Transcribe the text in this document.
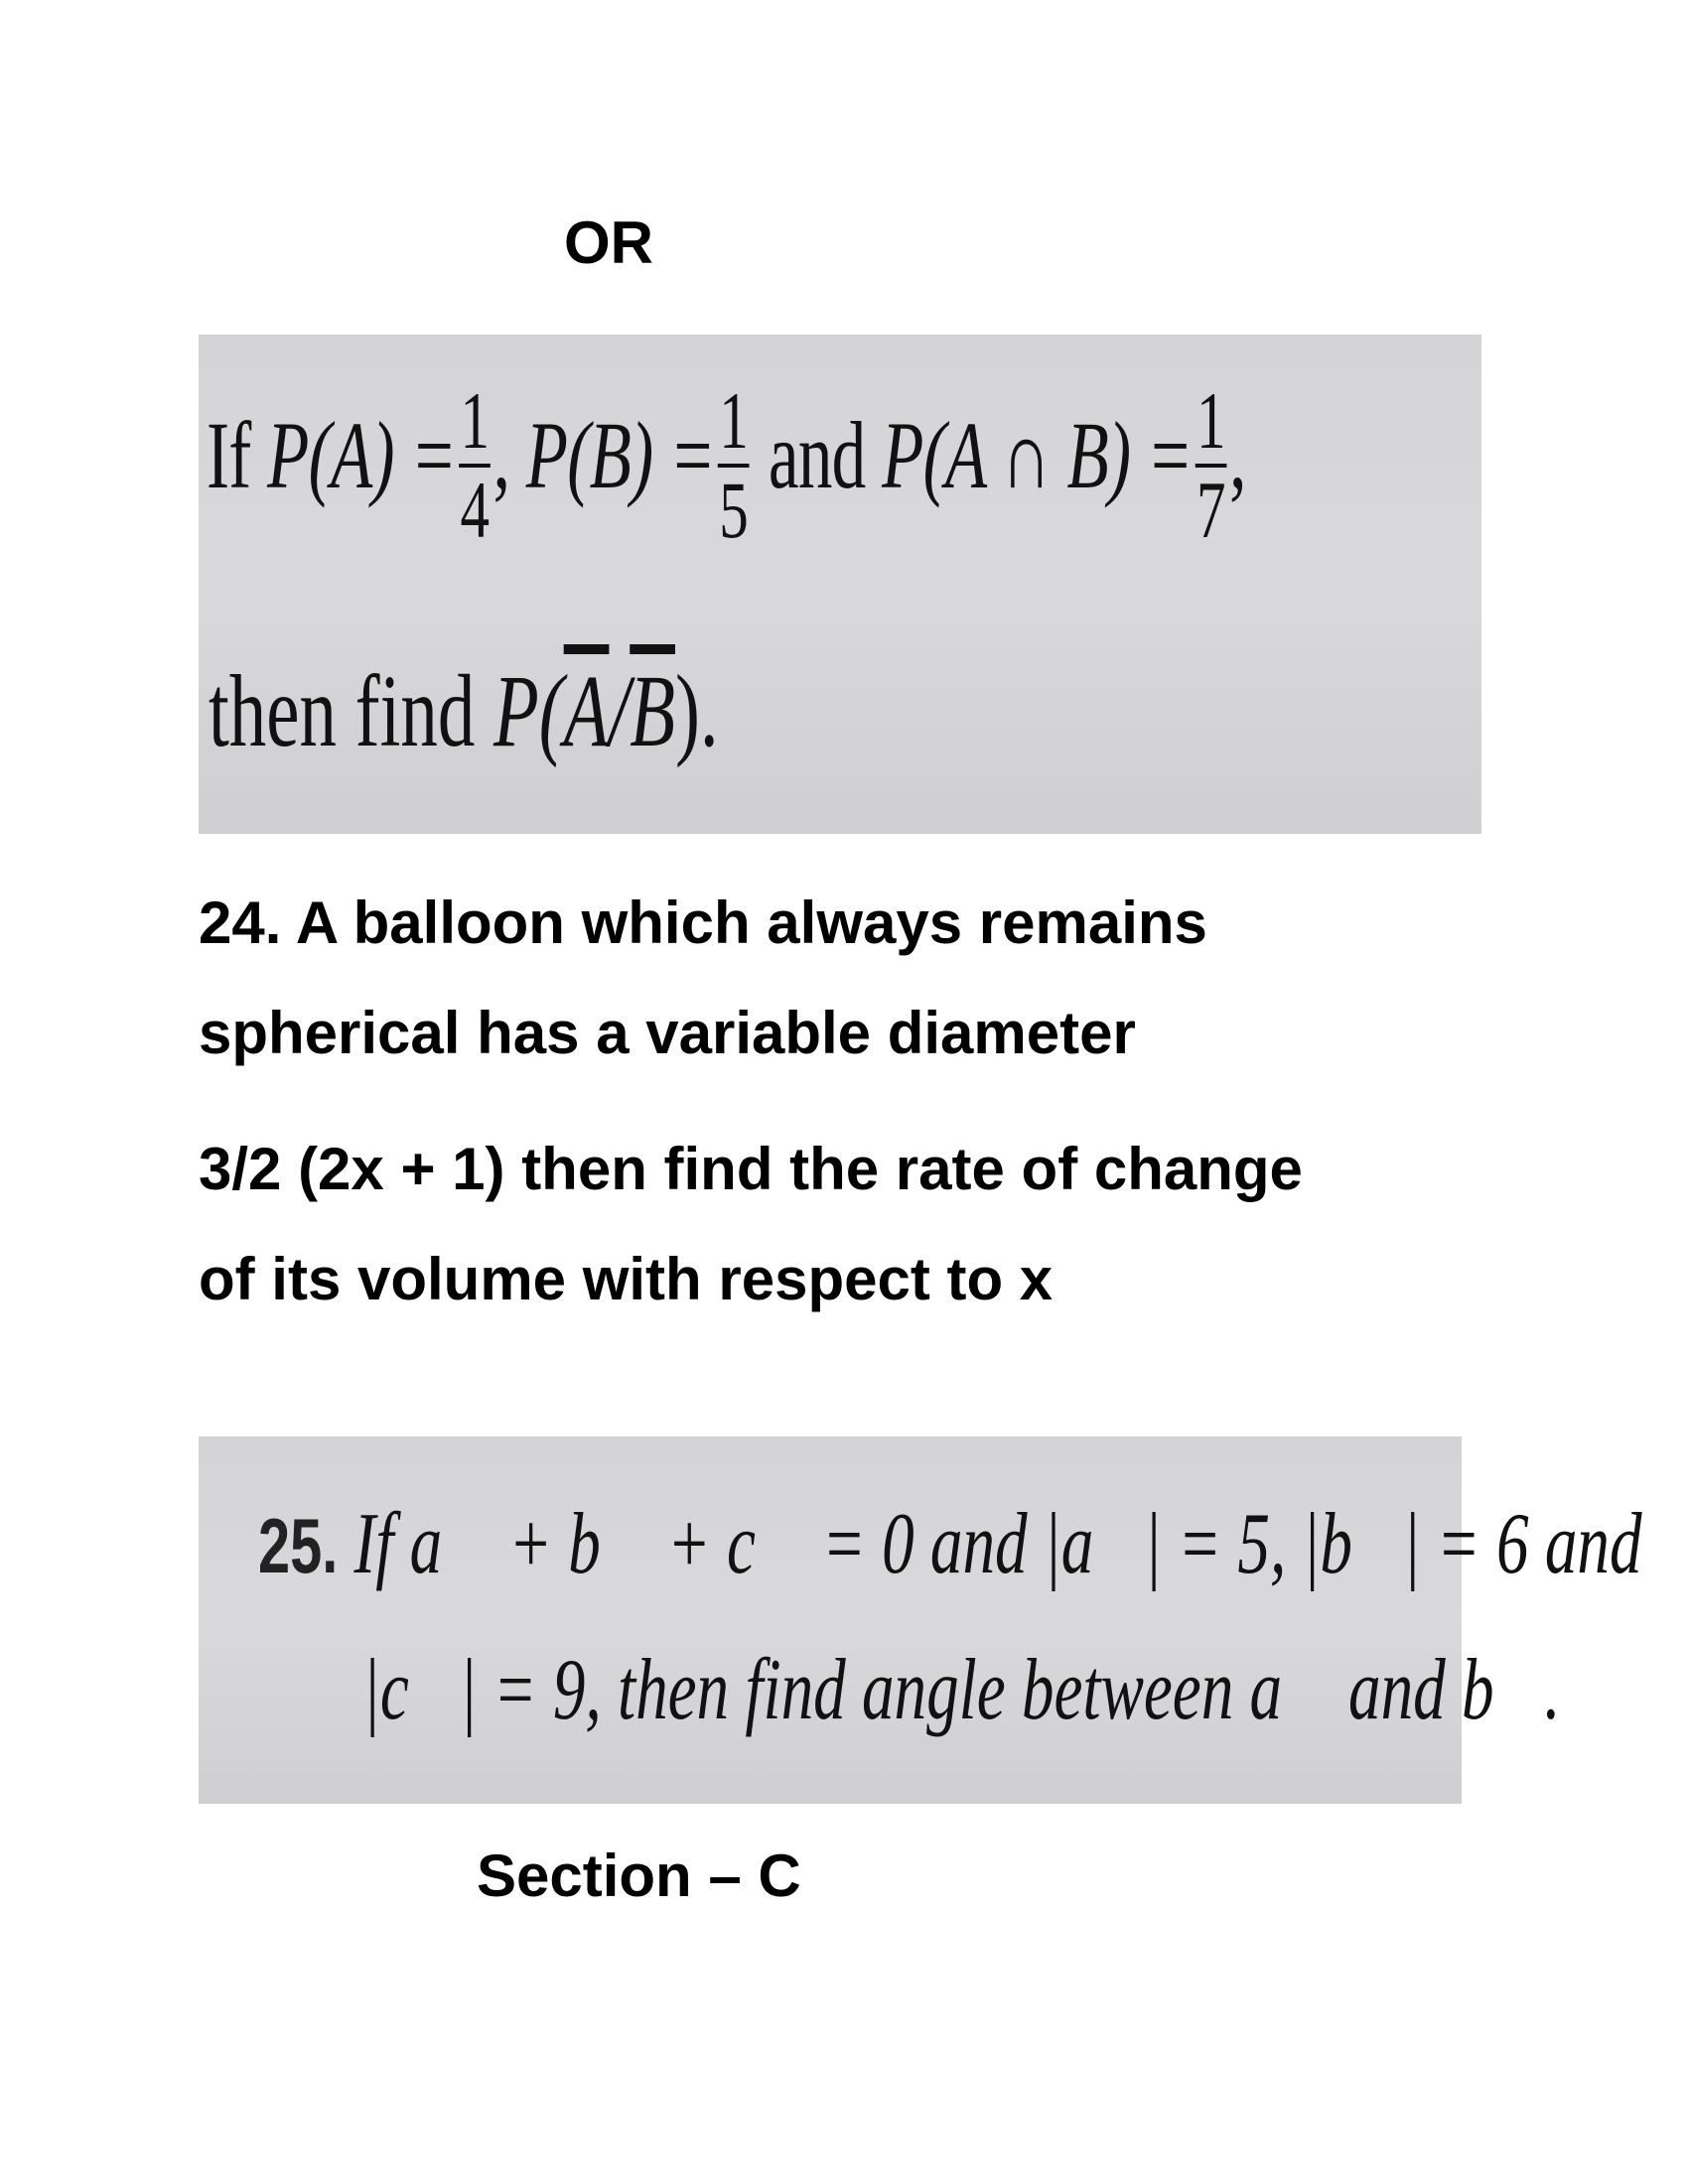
OR
If $P(A) = \frac{1}{4}$ , $P(B) = \frac{1}{5}$ and P(A ∩ $B) = \frac{1}{7}$ ,
then find $P(\overline{A}/\overline{B})$.
24. A balloon which always remains
spherical has a variable diameter
3/2 (2x + 1) then find the rate of change
of its volume with respect to x
25. If a⃗ + b⃗ + c⃗ = 0 and |a⃗| = 5, |b⃗| = 6 and
|c⃗| = 9, then find angle between a⃗ and b⃗.
Section – C
